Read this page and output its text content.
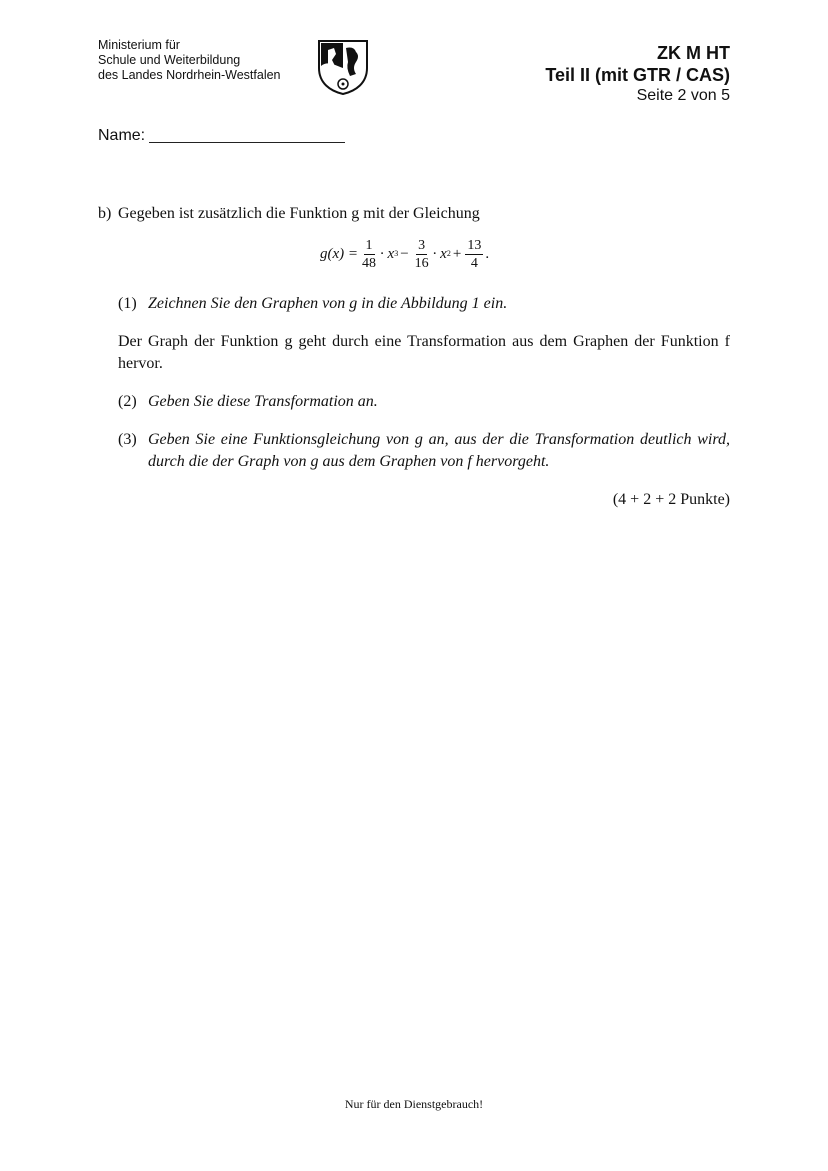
Ministerium für
Schule und Weiterbildung
des Landes Nordrhein-Westfalen
ZK M HT
Teil II (mit GTR / CAS)
Seite 2 von 5
Name:
b) Gegeben ist zusätzlich die Funktion g mit der Gleichung
$g(x) = \frac{1}{48} \cdot x$ $3 - \frac{3}{16} \cdot x$ $2 + \frac{13}{4}$ .
(1) Zeichnen Sie den Graphen von g in die Abbildung 1 ein.
Der Graph der Funktion g geht durch eine Transformation aus dem Graphen der Funktion f hervor.
(2) Geben Sie diese Transformation an.
(3) Geben Sie eine Funktionsgleichung von g an, aus der die Transformation deutlich wird, durch die der Graph von g aus dem Graphen von f hervorgeht.
(4 + 2 + 2 Punkte)
Nur für den Dienstgebrauch!
